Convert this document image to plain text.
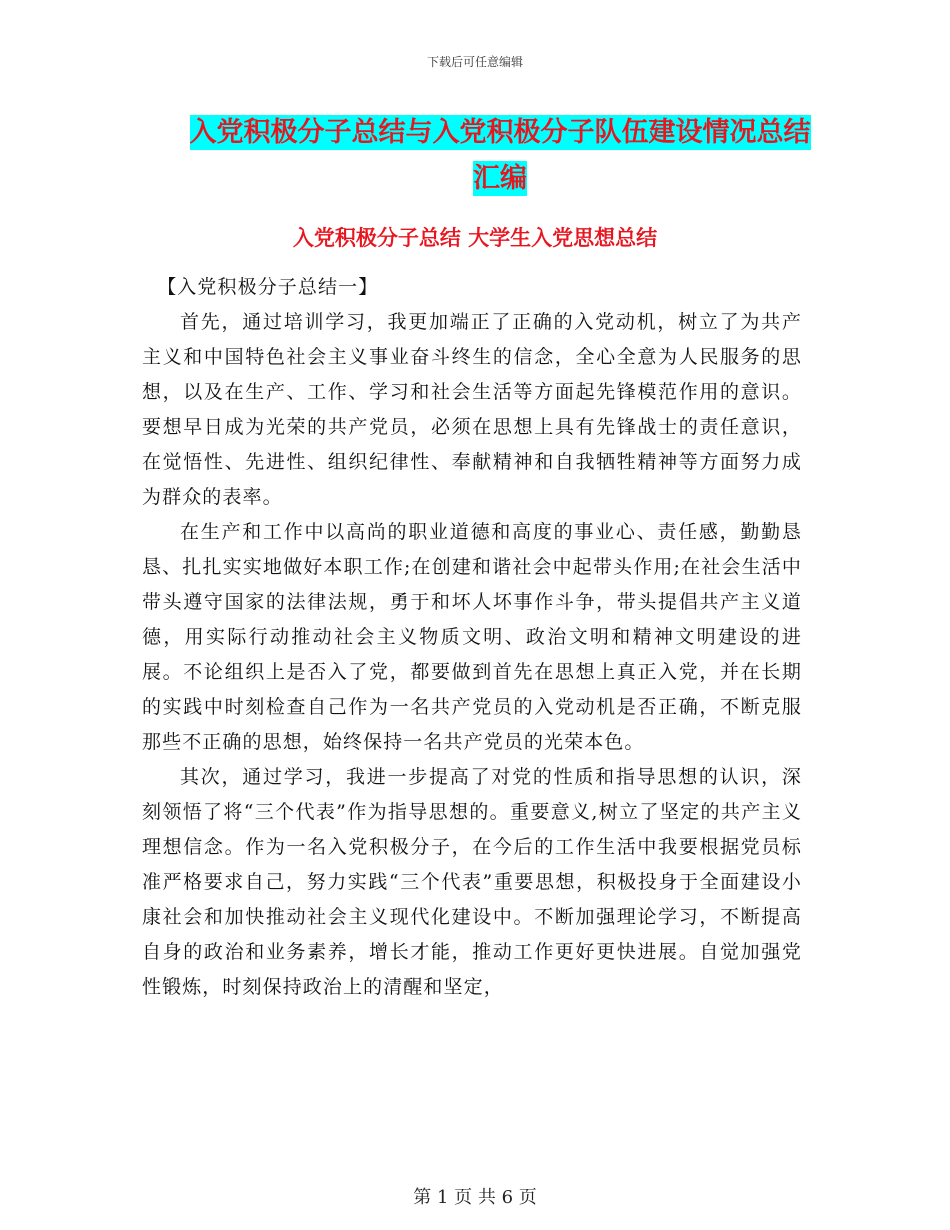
下载后可任意编辑
入党积极分子总结与入党积极分子队伍建设情况总结
汇编
入党积极分子总结 大学生入党思想总结

【入党积极分子总结一】

首先，通过培训学习，我更加端正了正确的入党动机，树立了为共产主义和中国特色社会主义事业奋斗终生的信念，全心全意为人民服务的思想，以及在生产、工作、学习和社会生活等方面起先锋模范作用的意识。要想早日成为光荣的共产党员，必须在思想上具有先锋战士的责任意识，在觉悟性、先进性、组织纪律性、奉献精神和自我牺牲精神等方面努力成为群众的表率。

在生产和工作中以高尚的职业道德和高度的事业心、责任感，勤勤恳恳、扎扎实实地做好本职工作;在创建和谐社会中起带头作用;在社会生活中带头遵守国家的法律法规，勇于和坏人坏事作斗争，带头提倡共产主义道德，用实际行动推动社会主义物质文明、政治文明和精神文明建设的进展。不论组织上是否入了党，都要做到首先在思想上真正入党，并在长期的实践中时刻检查自己作为一名共产党员的入党动机是否正确，不断克服那些不正确的思想，始终保持一名共产党员的光荣本色。

其次，通过学习，我进一步提高了对党的性质和指导思想的认识，深刻领悟了将“三个代表”作为指导思想的。重要意义,树立了坚定的共产主义理想信念。作为一名入党积极分子，在今后的工作生活中我要根据党员标准严格要求自己，努力实践“三个代表”重要思想，积极投身于全面建设小康社会和加快推动社会主义现代化建设中。不断加强理论学习，不断提高自身的政治和业务素养，增长才能，推动工作更好更快进展。自觉加强党性锻炼，时刻保持政治上的清醒和坚定，

第 1 页 共 6 页
